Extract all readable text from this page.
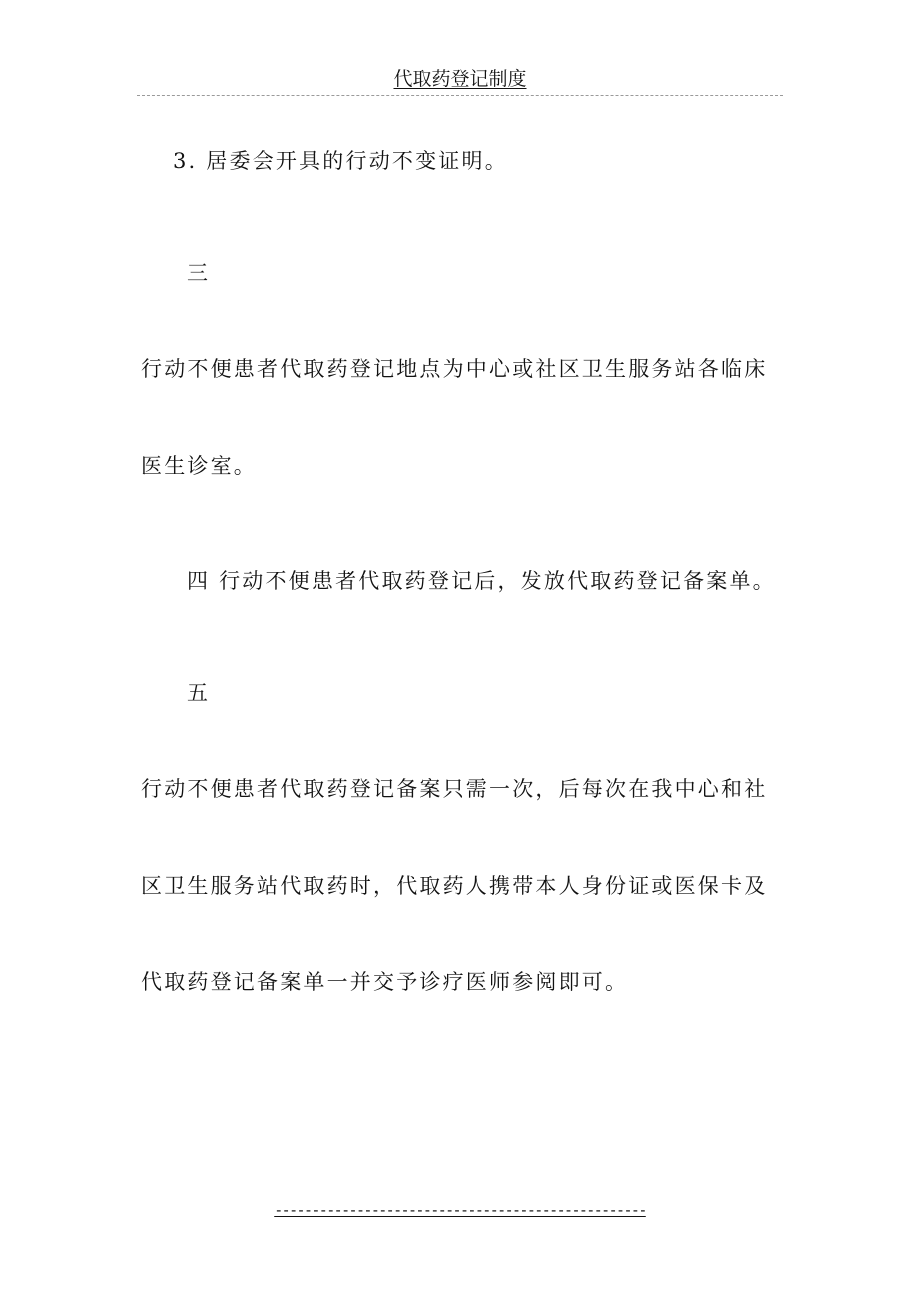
代取药登记制度
3. 居委会开具的行动不变证明。
三
行动不便患者代取药登记地点为中心或社区卫生服务站各临床
医生诊室。
四 行动不便患者代取药登记后，发放代取药登记备案单。
五
行动不便患者代取药登记备案只需一次，后每次在我中心和社
区卫生服务站代取药时，代取药人携带本人身份证或医保卡及
代取药登记备案单一并交予诊疗医师参阅即可。
--------------------------------------------------
